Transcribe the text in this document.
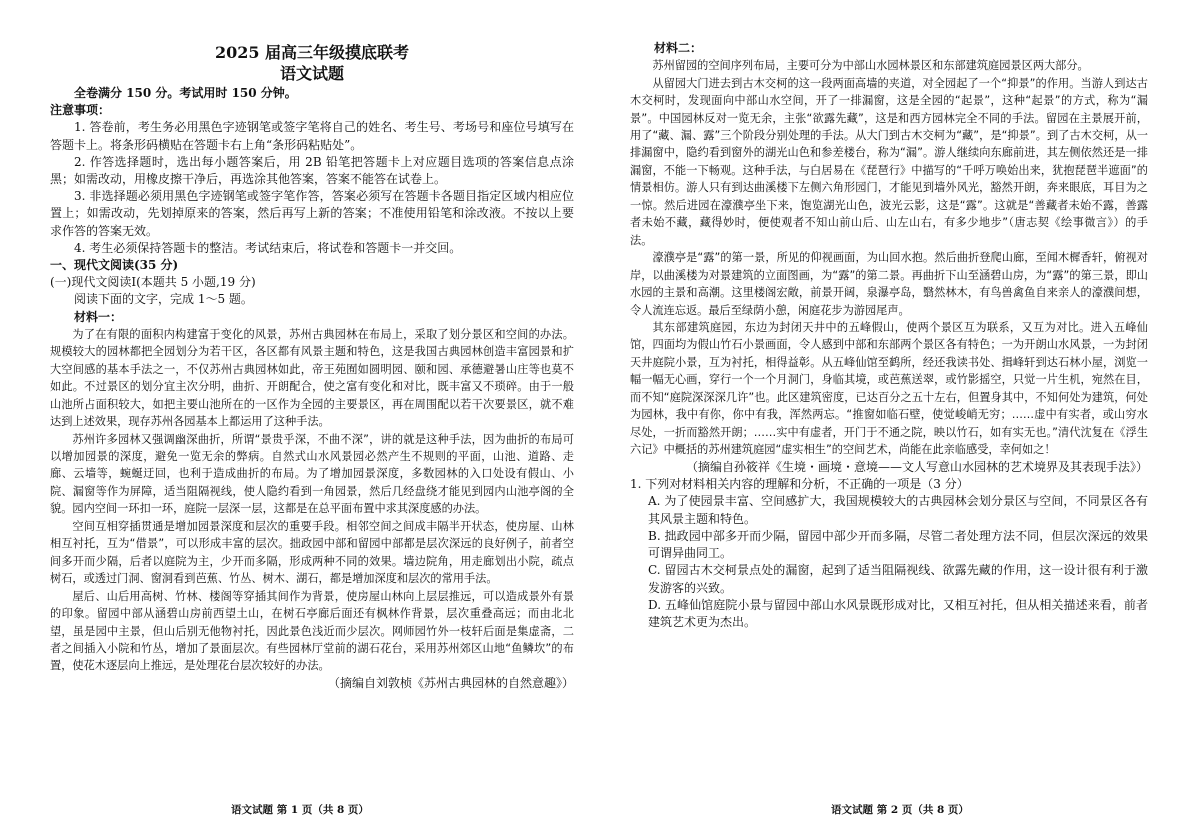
2025 届高三年级摸底联考

语文试题

全卷满分 150 分。考试用时 150 分钟。

注意事项：

1. 答卷前，考生务必用黑色字迹钢笔或签字笔将自己的姓名、考生号、考场号和座位号填写在答题卡上。将条形码横贴在答题卡右上角“条形码粘贴处”。

2. 作答选择题时，选出每小题答案后，用 2B 铅笔把答题卡上对应题目选项的答案信息点涂黑；如需改动，用橡皮擦干净后，再选涂其他答案，答案不能答在试卷上。

3. 非选择题必须用黑色字迹钢笔或签字笔作答，答案必须写在答题卡各题目指定区域内相应位置上；如需改动，先划掉原来的答案，然后再写上新的答案；不准使用铅笔和涂改液。不按以上要求作答的答案无效。

4. 考生必须保持答题卡的整洁。考试结束后，将试卷和答题卡一并交回。

一、现代文阅读(35 分)

(一)现代文阅读Ⅰ(本题共 5 小题,19 分)

阅读下面的文字，完成 1～5 题。

材料一：

为了在有限的面积内构建富于变化的风景，苏州古典园林在布局上，采取了划分景区和空间的办法。规模较大的园林都把全园划分为若干区，各区都有风景主题和特色，这是我国古典园林创造丰富园景和扩大空间感的基本手法之一，不仅苏州古典园林如此，帝王苑囿如圆明园、颐和园、承德避暑山庄等也莫不如此。不过景区的划分宜主次分明，曲折、开朗配合，使之富有变化和对比，既丰富又不琐碎。由于一般山池所占面积较大，如把主要山池所在的一区作为全园的主要景区，再在周围配以若干次要景区，就不难达到上述效果，现存苏州各园基本上都运用了这种手法。

苏州许多园林又强调幽深曲折，所谓“景贵乎深，不曲不深”，讲的就是这种手法，因为曲折的布局可以增加园景的深度，避免一览无余的弊病。自然式山水风景园必然产生不规则的平面，山池、道路、走廊、云墙等，蜿蜒迂回，也利于造成曲折的布局。为了增加园景深度，多数园林的入口处设有假山、小院、漏窗等作为屏障，适当阻隔视线，使人隐约看到一角园景，然后几经盘绕才能见到园内山池亭阁的全貌。园内空间一环扣一环，庭院一层深一层，这都是在总平面布置中求其深度感的办法。

空间互相穿插贯通是增加园景深度和层次的重要手段。相邻空间之间成丰隔半开状态，使房屋、山林相互衬托，互为“借景”，可以形成丰富的层次。拙政园中部和留园中部都是层次深远的良好例子，前者空间多开而少隔，后者以庭院为主，少开而多隔，形成两种不同的效果。墙边院角，用走廊划出小院，疏点树石，或透过门洞、窗洞看到芭蕉、竹丛、树木、湖石，都是增加深度和层次的常用手法。

屋后、山后用高树、竹林、楼阁等穿插其间作为背景，使房屋山林向上层层推远，可以造成景外有景的印象。留园中部从涵碧山房前西望土山，在树石亭廊后面还有枫林作背景，层次重叠高远；而由北北望，虽是园中主景，但山后别无他物衬托，因此景色浅近而少层次。网师园竹外一枝轩后面是集虚斋，二者之间插入小院和竹丛，增加了景面层次。有些园林厅堂前的湖石花台，采用苏州郊区山地“鱼鳞坎”的布置，使花木逐层向上推远，是处理花台层次较好的办法。

（摘编自刘敦桢《苏州古典园林的自然意趣》）

语文试题 第 1 页（共 8 页）

材料二：

苏州留园的空间序列布局，主要可分为中部山水园林景区和东部建筑庭园景区两大部分。

从留园大门进去到古木交柯的这一段两面高墙的夹道，对全园起了一个“抑景”的作用。当游人到达古木交柯时，发现面向中部山水空间，开了一排漏窗，这是全园的“起景”，这种“起景”的方式，称为“漏景”。中国园林反对一览无余，主张“欲露先藏”，这是和西方园林完全不同的手法。留园在主景展开前，用了“藏、漏、露”三个阶段分别处理的手法。从大门到古木交柯为“藏”，是“抑景”。到了古木交柯，从一排漏窗中，隐约看到窗外的湖光山色和参差楼台，称为“漏”。游人继续向东廊前进，其左侧依然还是一排漏窗，不能一下畅观。这种手法，与白居易在《琵琶行》中描写的“千呼万唤始出来，犹抱琵琶半遮面”的情景相仿。游人只有到达曲溪楼下左侧六角形园门，才能见到墙外风光，豁然开朗，奔来眼底，耳目为之一惊。然后进园在濠濮亭坐下来，饱览湖光山色，波光云影，这是“露”。这就是“善藏者未始不露，善露者未始不藏，藏得妙时，便使观者不知山前山后、山左山右，有多少地步”（唐志契《绘事微言》）的手法。

濠濮亭是“露”的第一景，所见的仰视画面，为山回水抱。然后曲折登爬山廊，至闻木樨香轩，俯视对岸，以曲溪楼为对景建筑的立面图画，为“露”的第二景。再曲折下山至涵碧山房，为“露”的第三景，即山水园的主景和高潮。这里楼阁宏敞，前景开阔，泉瀑亭岛，翳然林木，有鸟兽禽鱼自来亲人的濠濮间想，令人流连忘返。最后至绿荫小憩，闲庭花步为游园尾声。

其东部建筑庭园，东边为封闭天井中的五峰假山，使两个景区互为联系，又互为对比。进入五峰仙馆，四面均为假山竹石小景画面，令人感到中部和东部两个景区各有特色；一为开朗山水风景，一为封闭天井庭院小景，互为衬托，相得益彰。从五峰仙馆至鹤所，经还我读书处、揖峰轩到达石林小屋，浏览一幅一幅无心画，穿行一个一个月洞门，身临其境，或芭蕉送翠，或竹影摇空，只觉一片生机，宛然在目，而不知“庭院深深深几许”也。此区建筑密度，已达百分之五十左右，但置身其中，不知何处为建筑，何处为园林，我中有你，你中有我，浑然两忘。“推窗如临石壁，使觉峻峭无穷；……虚中有实者，或山穷水尽处，一折而豁然开朗；……实中有虚者，开门于不通之院，映以竹石，如有实无也。”清代沈复在《浮生六记》中概括的苏州建筑庭园“虚实相生”的空间艺术，尚能在此亲临感受，幸何如之！

（摘编自孙筱祥《生境・画境・意境——文人写意山水园林的艺术境界及其表现手法》）

1. 下列对材料相关内容的理解和分析，不正确的一项是（3 分）

A. 为了使园景丰富、空间感扩大，我国规模较大的古典园林会划分景区与空间，不同景区各有其风景主题和特色。

B. 拙政园中部多开而少隔，留园中部少开而多隔，尽管二者处理方法不同，但层次深远的效果可谓异曲同工。

C. 留园古木交柯景点处的漏窗，起到了适当阻隔视线、欲露先藏的作用，这一设计很有利于激发游客的兴致。

D. 五峰仙馆庭院小景与留园中部山水风景既形成对比，又相互衬托，但从相关描述来看，前者建筑艺术更为杰出。

语文试题 第 2 页（共 8 页）
